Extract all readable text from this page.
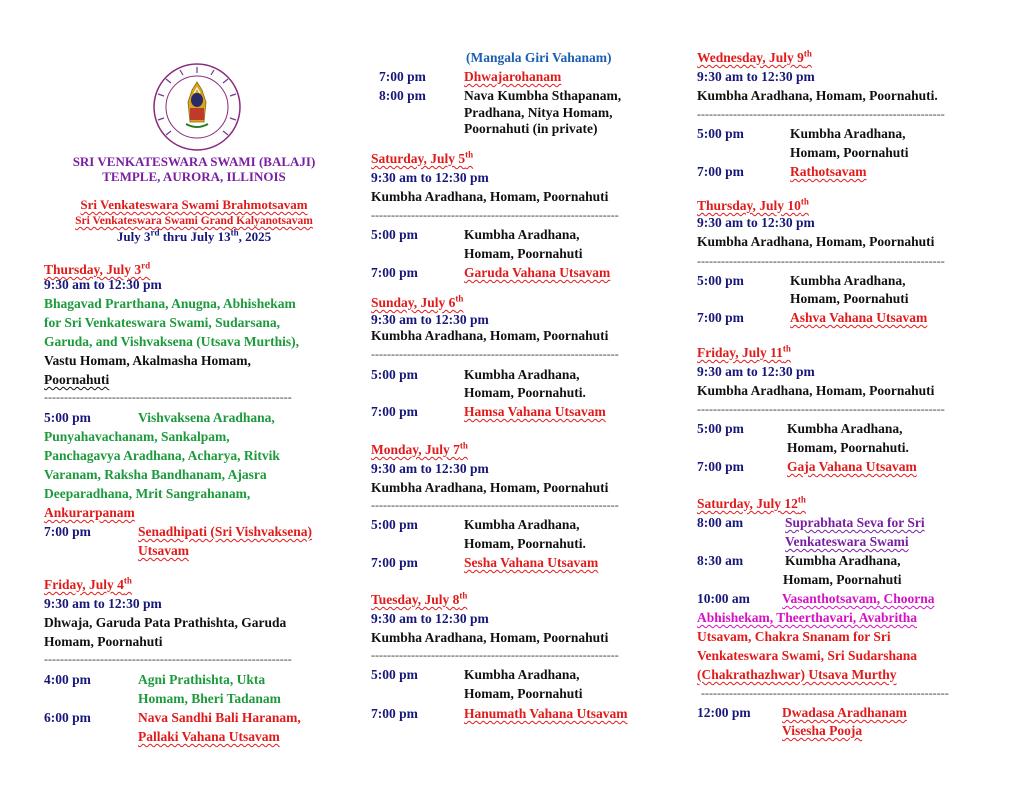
SRI VENKATESWARA SWAMI (BALAJI)
TEMPLE, AURORA, ILLINOIS
Sri Venkateswara Swami Brahmotsavam
Sri Venkateswara Swami Grand Kalyanotsavam
July 3rd thru July 13th, 2025
Thursday, July 3rd
9:30 am to 12:30 pm
Bhagavad Prarthana, Anugna, Abhishekam
for Sri Venkateswara Swami, Sudarsana,
Garuda, and Vishvaksena (Utsava Murthis),
Vastu Homam, Akalmasha Homam,
Poornahuti
--------------------------------------------------------------
5:00 pm	Vishvaksena Aradhana,
Punyahavachanam, Sankalpam,
Panchagavya Aradhana, Acharya, Ritvik
Varanam, Raksha Bandhanam, Ajasra
Deeparadhana, Mrit Sangrahanam,
Ankurarpanam
7:00 pm	Senadhipati (Sri Vishvaksena)
Utsavam
Friday, July 4th
9:30 am to 12:30 pm
Dhwaja, Garuda Pata Prathishta, Garuda
Homam, Poornahuti
--------------------------------------------------------------
4:00 pm	Agni Prathishta, Ukta
Homam, Bheri Tadanam
6:00 pm	Nava Sandhi Bali Haranam,
Pallaki Vahana Utsavam
(Mangala Giri Vahanam)
7:00 pm	Dhwajarohanam
8:00 pm	Nava Kumbha Sthapanam,
Pradhana, Nitya Homam,
Poornahuti (in private)
Saturday, July 5th
9:30 am to 12:30 pm
Kumbha Aradhana, Homam, Poornahuti
--------------------------------------------------------------
5:00 pm	Kumbha Aradhana,
Homam, Poornahuti
7:00 pm	Garuda Vahana Utsavam
Sunday, July 6th
9:30 am to 12:30 pm
Kumbha Aradhana, Homam, Poornahuti
--------------------------------------------------------------
5:00 pm	Kumbha Aradhana,
Homam, Poornahuti.
7:00 pm	Hamsa Vahana Utsavam
Monday, July 7th
9:30 am to 12:30 pm
Kumbha Aradhana, Homam, Poornahuti
--------------------------------------------------------------
5:00 pm	Kumbha Aradhana,
Homam, Poornahuti.
7:00 pm	Sesha Vahana Utsavam
Tuesday, July 8th
9:30 am to 12:30 pm
Kumbha Aradhana, Homam, Poornahuti
--------------------------------------------------------------
5:00 pm	Kumbha Aradhana,
Homam, Poornahuti
7:00 pm	Hanumath Vahana Utsavam
Wednesday, July 9th
9:30 am to 12:30 pm
Kumbha Aradhana, Homam, Poornahuti.
--------------------------------------------------------------
5:00 pm	Kumbha Aradhana,
Homam, Poornahuti
7:00 pm	Rathotsavam
Thursday, July 10th
9:30 am to 12:30 pm
Kumbha Aradhana, Homam, Poornahuti
--------------------------------------------------------------
5:00 pm	Kumbha Aradhana,
Homam, Poornahuti
7:00 pm	Ashva Vahana Utsavam
Friday, July 11th
9:30 am to 12:30 pm
Kumbha Aradhana, Homam, Poornahuti
--------------------------------------------------------------
5:00 pm	Kumbha Aradhana,
Homam, Poornahuti.
7:00 pm	Gaja Vahana Utsavam
Saturday, July 12th
8:00 am	Suprabhata Seva for Sri
Venkateswara Swami
8:30 am	Kumbha Aradhana,
Homam, Poornahuti
10:00 am Vasanthotsavam, Choorna
Abhishekam, Theerthavari, Avabritha
Utsavam, Chakra Snanam for Sri
Venkateswara Swami, Sri Sudarshana
(Chakrathazhwar) Utsava Murthy
--------------------------------------------------------------
12:00 pm Dwadasa Aradhanam
Visesha Pooja
